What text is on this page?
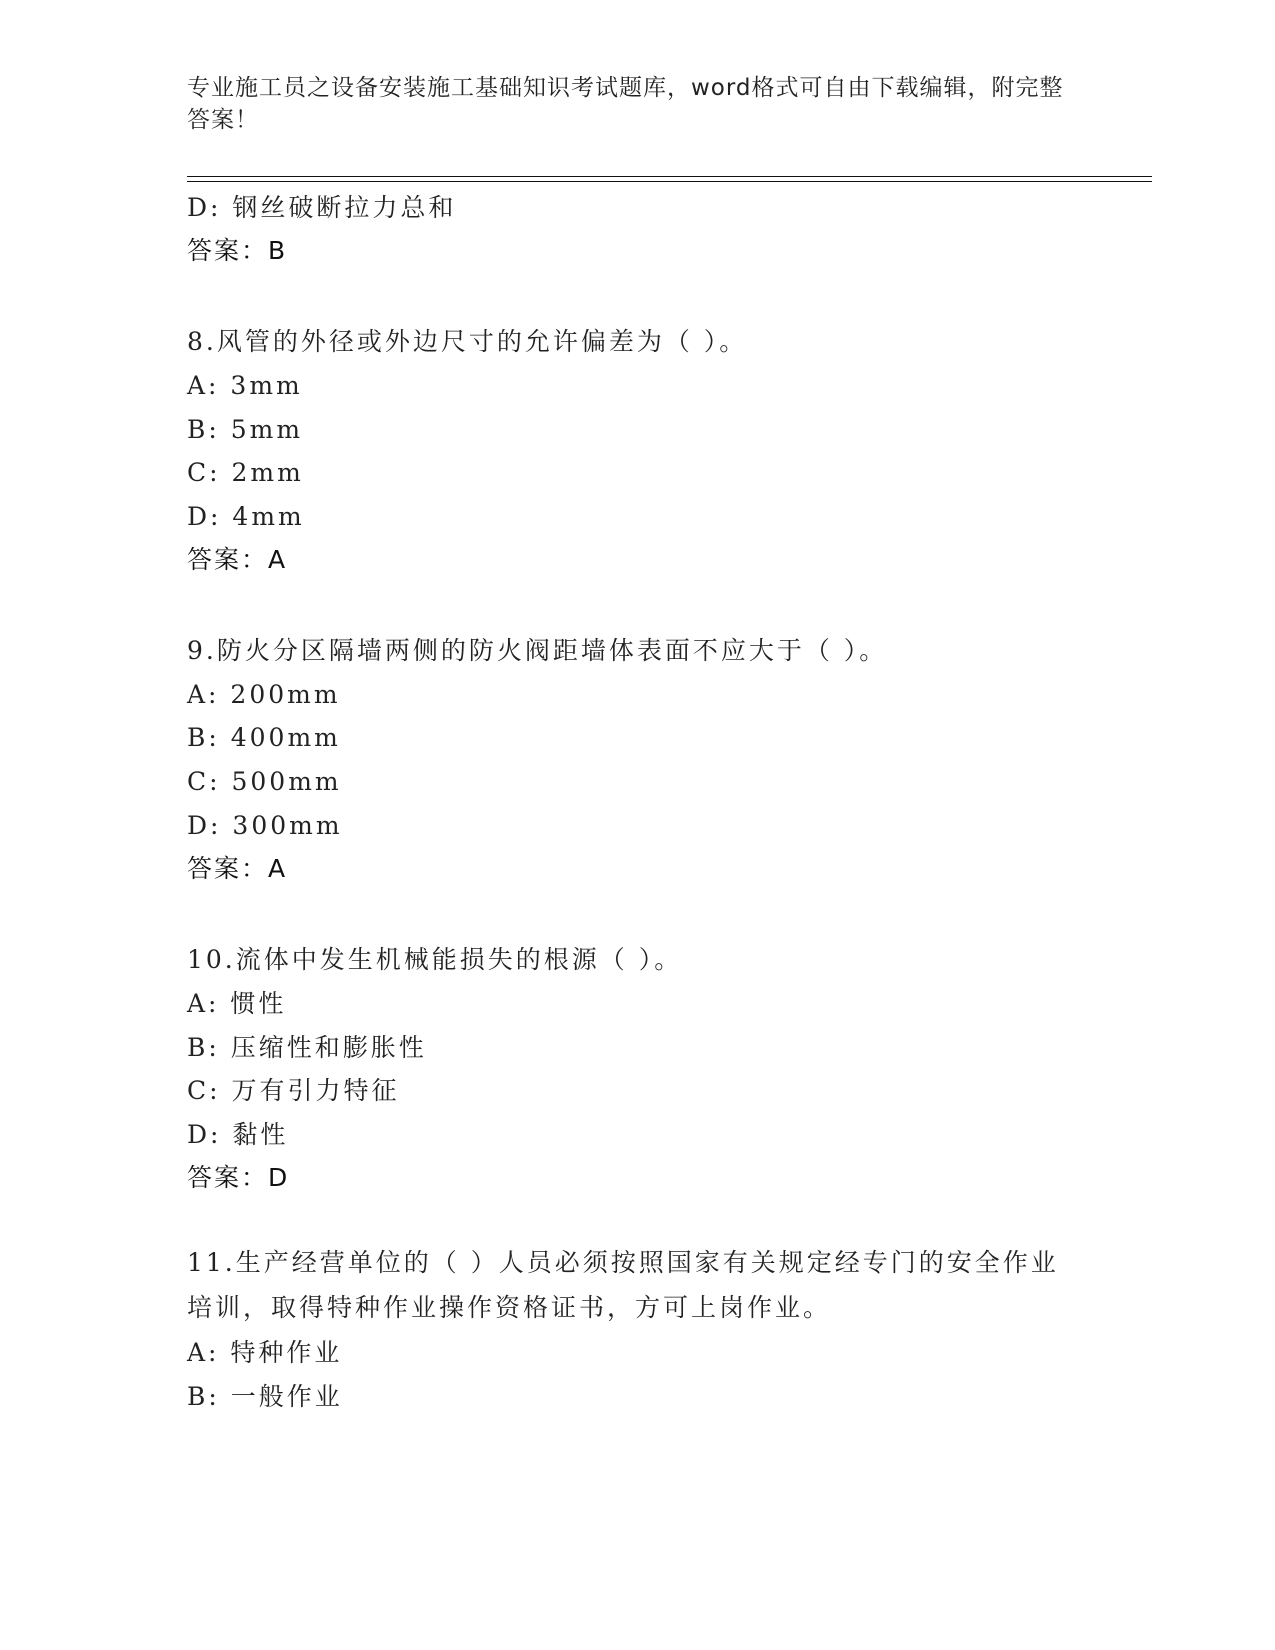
专业施工员之设备安装施工基础知识考试题库，word格式可自由下载编辑，附完整答案！
D: 钢丝破断拉力总和
答案：B
8.风管的外径或外边尺寸的允许偏差为（ ）。
A: 3mm
B: 5mm
C: 2mm
D: 4mm
答案：A
9.防火分区隔墙两侧的防火阀距墙体表面不应大于（ ）。
A: 200mm
B: 400mm
C: 500mm
D: 300mm
答案：A
10.流体中发生机械能损失的根源（ ）。
A: 惯性
B: 压缩性和膨胀性
C: 万有引力特征
D: 黏性
答案：D
11.生产经营单位的（ ）人员必须按照国家有关规定经专门的安全作业培训，取得特种作业操作资格证书，方可上岗作业。
A: 特种作业
B: 一般作业
